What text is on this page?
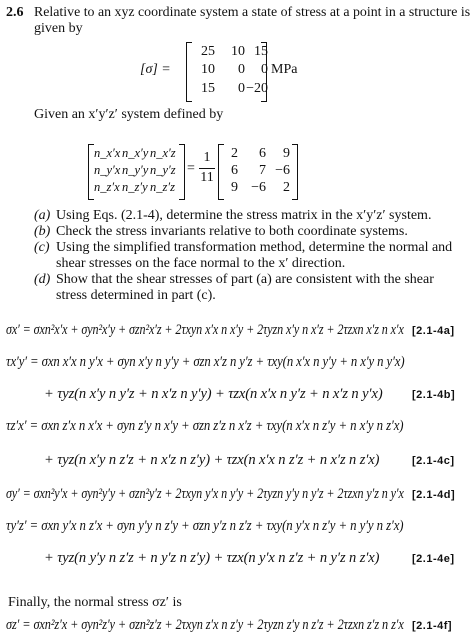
2.6 Relative to an xyz coordinate system a state of stress at a point in a structure is
given by
[σ] =
25	10 15
10	0	0
15	0 −20
MPa
Given an x′y′z′ system defined by
n_x′x n_x′y n_x′z
n_y′x n_y′y n_y′z
n_z′x n_z′y n_z′z
=
1
11
2	6	9
6	7 −6
9 −6	2
(a) Using Eqs. (2.1-4), determine the stress matrix in the x′y′z′ system.
(b) Check the stress invariants relative to both coordinate systems.
(c) Using the simplified transformation method, determine the normal and
shear stresses on the face normal to the x′ direction.
(d) Show that the shear stresses of part (a) are consistent with the shear
stress determined in part (c).
σx′ = σxn²x′x + σyn²x′y + σzn²x′z + 2τxyn x′x n x′y + 2τyzn x′y n x′z + 2τzxn x′z n x′x [2.1-4a]
τx′y′ = σxn x′x n y′x + σyn x′y n y′y + σzn x′z n y′z + τxy(n x′x n y′y + n x′y n y′x)
+ τyz(n x′y n y′z + n x′z n y′y) + τzx(n x′x n y′z + n x′z n y′x)	[2.1-4b]
τz′x′ = σxn z′x n x′x + σyn z′y n x′y + σzn z′z n x′z + τxy(n x′x n z′y + n x′y n z′x)
+ τyz(n x′y n z′z + n x′z n z′y) + τzx(n x′x n z′z + n x′z n z′x)	[2.1-4c]
σy′ = σxn²y′x + σyn²y′y + σzn²y′z + 2τxyn y′x n y′y + 2τyzn y′y n y′z + 2τzxn y′z n y′x [2.1-4d]
τy′z′ = σxn y′x n z′x + σyn y′y n z′y + σzn y′z n z′z + τxy(n y′x n z′y + n y′y n z′x)
+ τyz(n y′y n z′z + n y′z n z′y) + τzx(n y′x n z′z + n y′z n z′x)	[2.1-4e]
Finally, the normal stress σz′ is
σz′ = σxn²z′x + σyn²z′y + σzn²z′z + 2τxyn z′x n z′y + 2τyzn z′y n z′z + 2τzxn z′z n z′x [2.1-4f]
